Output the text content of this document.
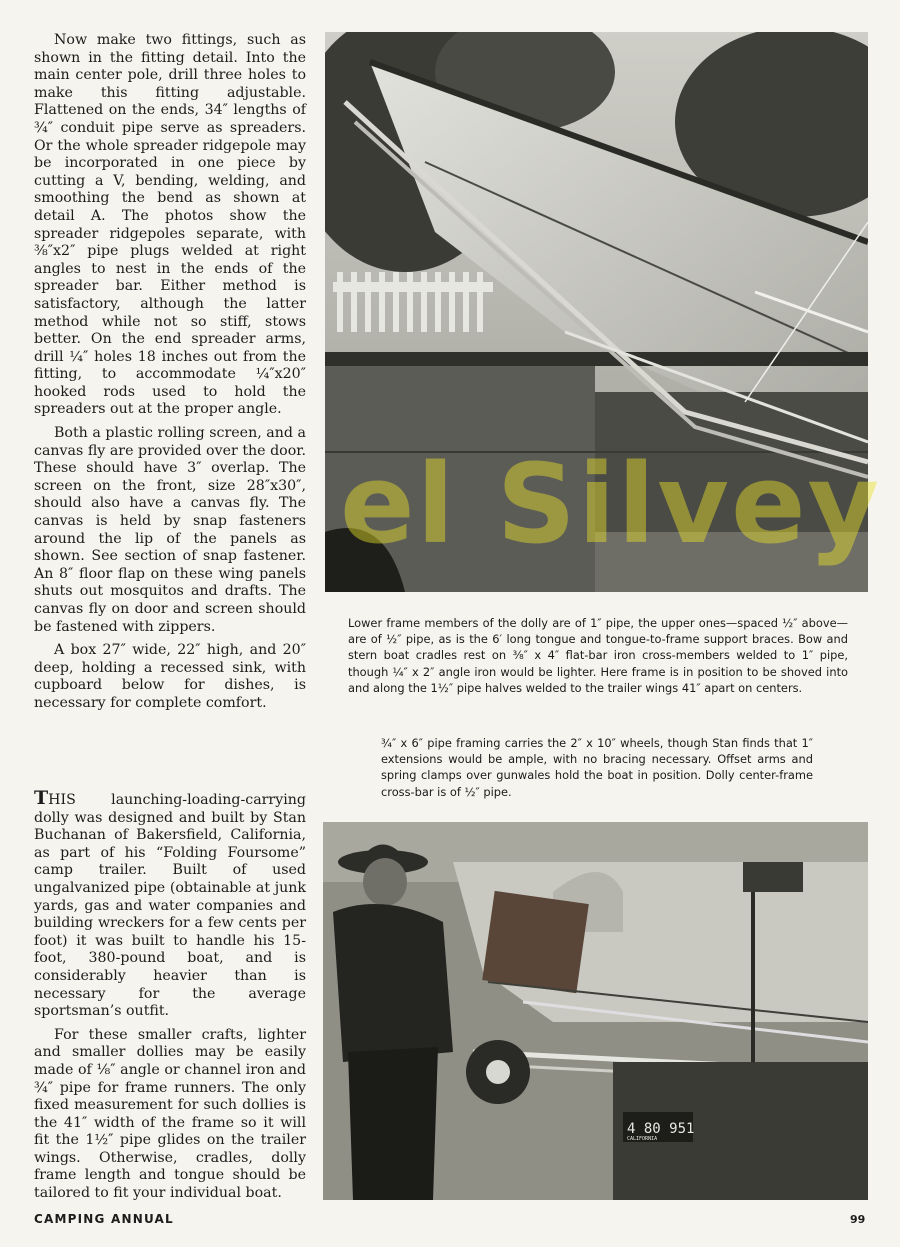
Now make two fittings, such as shown in the fitting detail. Into the main center pole, drill three holes to make this fitting adjustable. Flattened on the ends, 34″ lengths of ¾″ conduit pipe serve as spreaders. Or the whole spreader ridgepole may be incorporated in one piece by cutting a V, bending, welding, and smoothing the bend as shown at detail A. The photos show the spreader ridgepoles separate, with ⅜″x2″ pipe plugs welded at right angles to nest in the ends of the spreader bar. Either method is satisfactory, although the latter method while not so stiff, stows better. On the end spreader arms, drill ¼″ holes 18 inches out from the fitting, to accommodate ¼″x20″ hooked rods used to hold the spreaders out at the proper angle.

Both a plastic rolling screen, and a canvas fly are provided over the door. These should have 3″ overlap. The screen on the front, size 28″x30″, should also have a canvas fly. The canvas is held by snap fasteners around the lip of the panels as shown. See section of snap fastener. An 8″ floor flap on these wing panels shuts out mosquitos and drafts. The canvas fly on door and screen should be fastened with zippers.

A box 27″ wide, 22″ high, and 20″ deep, holding a recessed sink, with cupboard below for dishes, is necessary for complete comfort.

el Silvey
Lower frame members of the dolly are of 1″ pipe, the upper ones—spaced ½″ above—are of ½″ pipe, as is the 6′ long tongue and tongue-to-frame support braces. Bow and stern boat cradles rest on ⅜″ x 4″ flat-bar iron cross-members welded to 1″ pipe, though ¼″ x 2″ angle iron would be lighter. Here frame is in position to be shoved into and along the 1½″ pipe halves welded to the trailer wings 41″ apart on centers.
¾″ x 6″ pipe framing carries the 2″ x 10″ wheels, though Stan finds that 1″ extensions would be ample, with no bracing necessary. Offset arms and spring clamps over gunwales hold the boat in position. Dolly center-frame cross-bar is of ½″ pipe.

THIS launching-loading-carrying dolly was designed and built by Stan Buchanan of Bakersfield, California, as part of his “Folding Foursome” camp trailer. Built of used ungalvanized pipe (obtainable at junk yards, gas and water companies and building wreckers for a few cents per foot) it was built to handle his 15-foot, 380-pound boat, and is considerably heavier than is necessary for the average sportsman’s outfit.

For these smaller crafts, lighter and smaller dollies may be easily made of ⅛″ angle or channel iron and ¾″ pipe for frame runners. The only fixed measurement for such dollies is the 41″ width of the frame so it will fit the 1½″ pipe glides on the trailer wings. Otherwise, cradles, dolly frame length and tongue should be tailored to fit your individual boat.

4 80 951
CALIFORNIA
CAMPING ANNUAL	99
